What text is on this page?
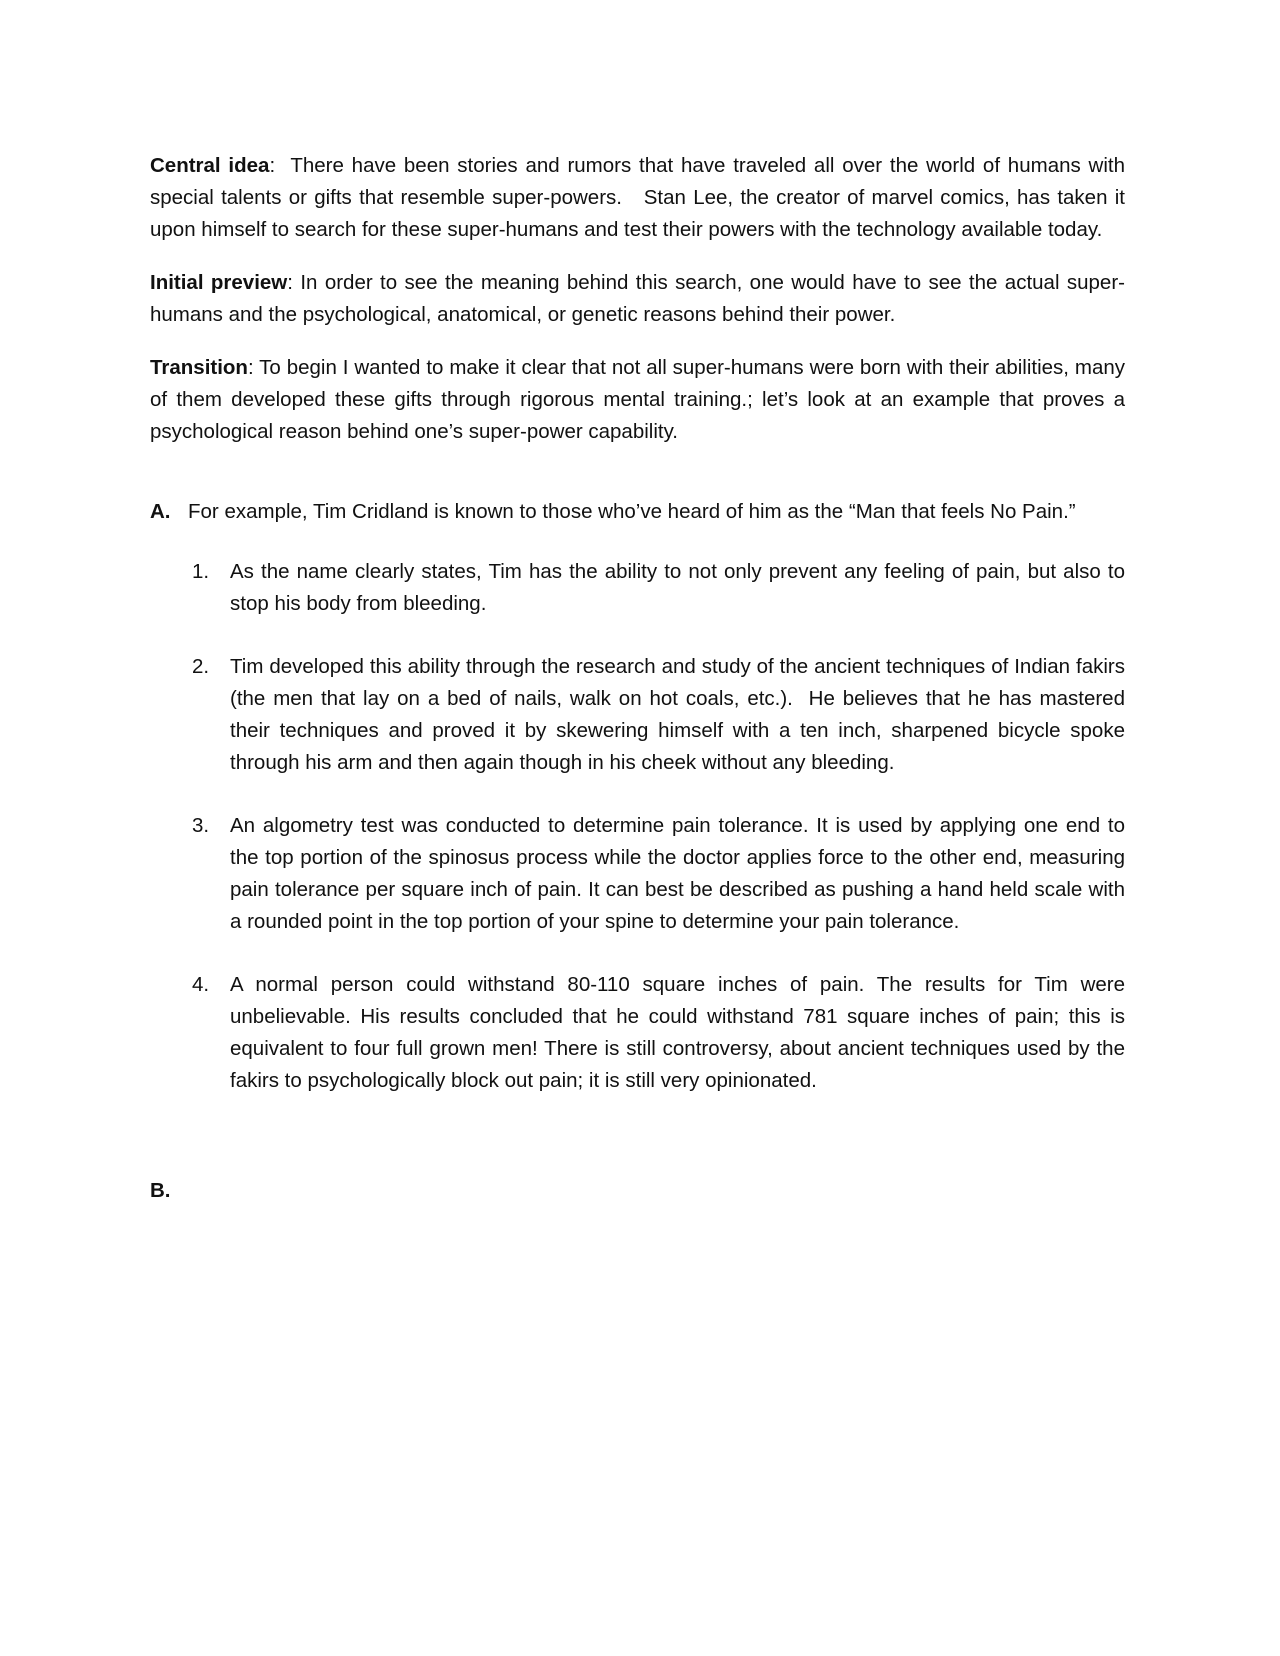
Central idea:  There have been stories and rumors that have traveled all over the world of humans with special talents or gifts that resemble super-powers.   Stan Lee, the creator of marvel comics, has taken it upon himself to search for these super-humans and test their powers with the technology available today.

Initial preview: In order to see the meaning behind this search, one would have to see the actual super-humans and the psychological, anatomical, or genetic reasons behind their power.

Transition: To begin I wanted to make it clear that not all super-humans were born with their abilities, many of them developed these gifts through rigorous mental training.; let’s look at an example that proves a psychological reason behind one’s super-power capability.

A. For example, Tim Cridland is known to those who’ve heard of him as the “Man that feels No Pain.”
1. As the name clearly states, Tim has the ability to not only prevent any feeling of pain, but also to stop his body from bleeding.
2. Tim developed this ability through the research and study of the ancient techniques of Indian fakirs (the men that lay on a bed of nails, walk on hot coals, etc.).  He believes that he has mastered their techniques and proved it by skewering himself with a ten inch, sharpened bicycle spoke through his arm and then again though in his cheek without any bleeding.
3. An algometry test was conducted to determine pain tolerance. It is used by applying one end to the top portion of the spinosus process while the doctor applies force to the other end, measuring pain tolerance per square inch of pain. It can best be described as pushing a hand held scale with a rounded point in the top portion of your spine to determine your pain tolerance.
4. A normal person could withstand 80-110 square inches of pain. The results for Tim were unbelievable. His results concluded that he could withstand 781 square inches of pain; this is equivalent to four full grown men! There is still controversy, about ancient techniques used by the fakirs to psychologically block out pain; it is still very opinionated.
B.
